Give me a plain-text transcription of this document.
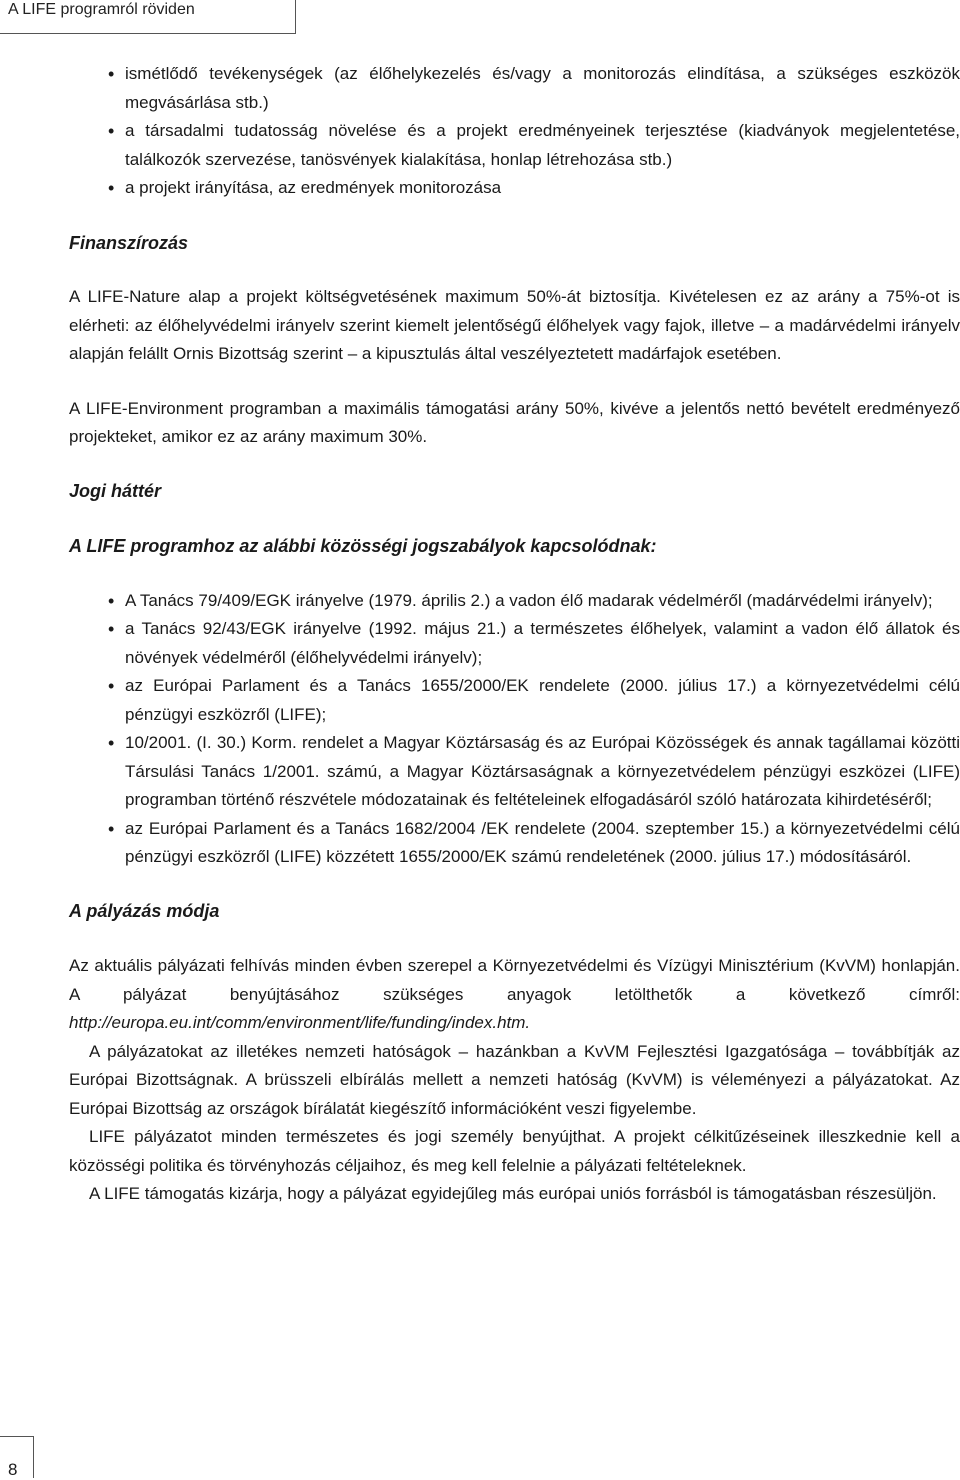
A LIFE programról röviden
• ismétlődő tevékenységek (az élőhelykezelés és/vagy a monitorozás elindítása, a szükséges eszközök megvásárlása stb.)
• a társadalmi tudatosság növelése és a projekt eredményeinek terjesztése (kiadványok megjelentetése, találkozók szervezése, tanösvények kialakítása, honlap létrehozása stb.)
• a projekt irányítása, az eredmények monitorozása
Finanszírozás

A LIFE-Nature alap a projekt költségvetésének maximum 50%-át biztosítja. Kivételesen ez az arány a 75%-ot is elérheti: az élőhelyvédelmi irányelv szerint kiemelt jelentőségű élőhelyek vagy fajok, illetve – a madárvédelmi irányelv alapján felállt Ornis Bizottság szerint – a kipusztulás által veszélyeztetett madárfajok esetében.

A LIFE-Environment programban a maximális támogatási arány 50%, kivéve a jelentős nettó bevételt eredményező projekteket, amikor ez az arány maximum 30%.

Jogi háttér
A LIFE programhoz az alábbi közösségi jogszabályok kapcsolódnak:
• A Tanács 79/409/EGK irányelve (1979. április 2.) a vadon élő madarak védelméről (madárvédelmi irányelv);
• a Tanács 92/43/EGK irányelve (1992. május 21.) a természetes élőhelyek, valamint a vadon élő állatok és növények védelméről (élőhelyvédelmi irányelv);
• az Európai Parlament és a Tanács 1655/2000/EK rendelete (2000. július 17.) a környezetvédelmi célú pénzügyi eszközről (LIFE);
• 10/2001. (I. 30.) Korm. rendelet a Magyar Köztársaság és az Európai Közösségek és annak tagállamai közötti Társulási Tanács 1/2001. számú, a Magyar Köztársaságnak a környezetvédelem pénzügyi eszközei (LIFE) programban történő részvétele módozatainak és feltételeinek elfogadásáról szóló határozata kihirdetéséről;
• az Európai Parlament és a Tanács 1682/2004 /EK rendelete (2004. szeptember 15.) a környezetvédelmi célú pénzügyi eszközről (LIFE) közzétett 1655/2000/EK számú rendeletének (2000. július 17.) módosításáról.
A pályázás módja

Az aktuális pályázati felhívás minden évben szerepel a Környezetvédelmi és Vízügyi Minisztérium (KvVM) honlapján. A pályázat benyújtásához szükséges anyagok letölthetők a következő címről: http://europa.eu.int/comm/environment/life/funding/index.htm.

A pályázatokat az illetékes nemzeti hatóságok – hazánkban a KvVM Fejlesztési Igazgatósága – továbbítják az Európai Bizottságnak. A brüsszeli elbírálás mellett a nemzeti hatóság (KvVM) is véleményezi a pályázatokat. Az Európai Bizottság az országok bírálatát kiegészítő információként veszi figyelembe.

LIFE pályázatot minden természetes és jogi személy benyújthat. A projekt célkitűzéseinek illeszkednie kell a közösségi politika és törvényhozás céljaihoz, és meg kell felelnie a pályázati feltételeknek.

A LIFE támogatás kizárja, hogy a pályázat egyidejűleg más európai uniós forrásból is támogatásban részesüljön.

8
